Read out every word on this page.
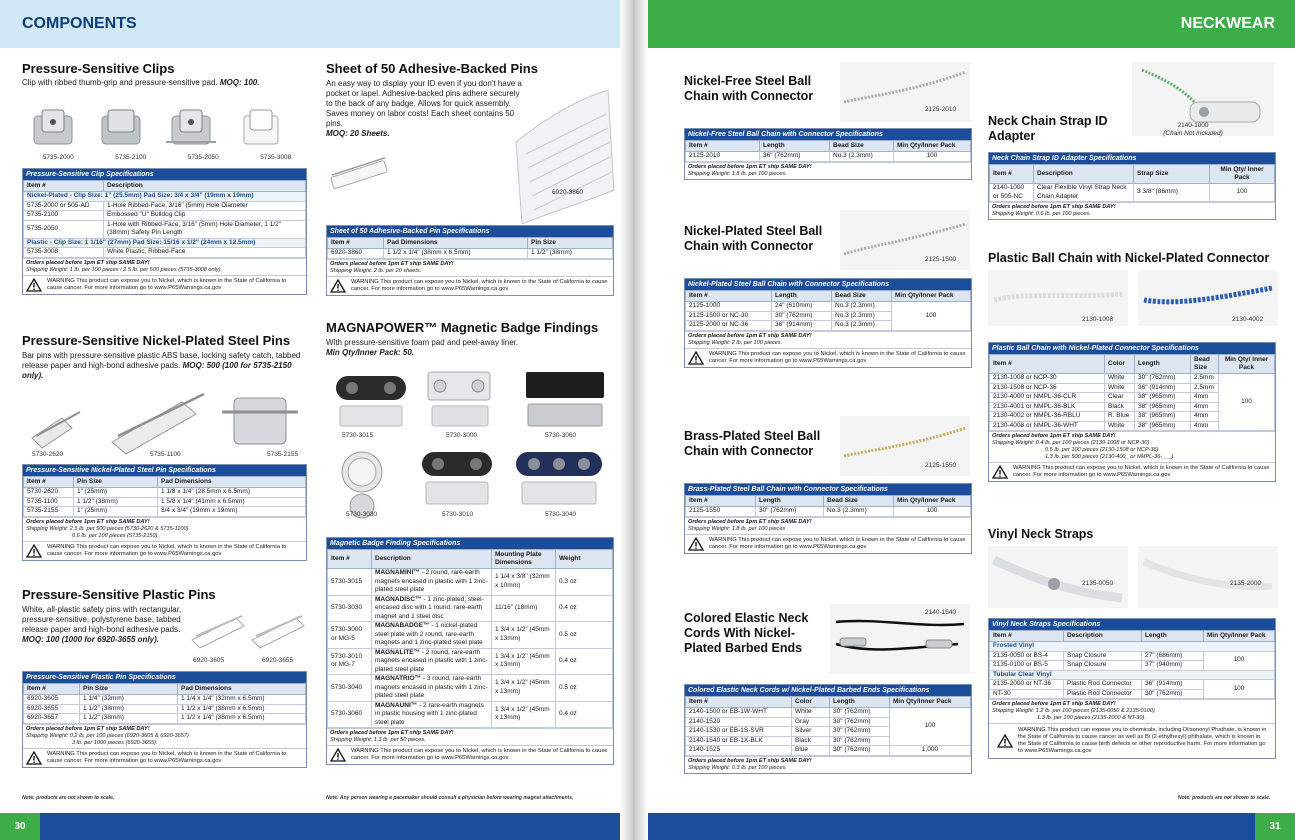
COMPONENTS	NECKWEAR
30	31
Note: products are not shown to scale.	Note: Any person wearing a pacemaker should consult a physician before wearing magnet attachments.	Note: products are not shown to scale.
Pressure-Sensitive Clips
Clip with ribbed thumb-grip and pressure-sensitive pad. MOQ: 100.
5735-2000	5735-2100	5735-2050	5735-3008
Pressure-Sensitive Clip Specifications
Item #	Description
Nickel-Plated - Clip Size: 1" (25.5mm) Pad Size: 3/4 x 3/4" (19mm x 19mm)	
5735-2000 or 505-AD	1-Hole Ribbed-Face, 3/16" (5mm) Hole Diameter
5735-2100	Embossed "U" Bulldog Clip
5735-2050	1-Hole with Ribbed-Face, 3/16" (5mm) Hole Diameter, 1 1/2" (38mm) Safety Pin Length
Plastic - Clip Size: 1 1/16" (27mm) Pad Size: 15/16 x 1/2" (24mm x 12.5mm)	
5735-3008	White Plastic, Ribbed-Face
Orders placed before 1pm ET ship SAME DAY!
Shipping Weight: 1 lb. per 100 pieces / 2.5 lb. per 500 pieces (5735-3008 only).
WARNING This product can expose you to Nickel, which is known in the State of California to cause cancer. For more information go to www.P65Warnings.ca.gov
Pressure-Sensitive Nickel-Plated Steel Pins
Bar pins with pressure-sensitive plastic ABS base, locking safety catch, tabbed release paper and high-bond adhesive pads. MOQ: 500 (100 for 5735-2150 only).
5730-2620	5735-1100	5735-2155
Pressure-Sensitive Nickel-Plated Steel Pin Specifications
Item #	Pin Size	Pad Dimensions
5730-2620	1" (25mm)	1 1/8 x 1/4" (28.5mm x 6.5mm)
5735-1100	1 1/2" (38mm)	1 5/8 x 1/4" (41mm x 6.5mm)
5735-2155	1" (25mm)	3/4 x 3/4" (19mm x 19mm)
Orders placed before 1pm ET ship SAME DAY!
Shipping Weight: 2.5 lb. per 500 pieces (5730-2620 & 5735-1100)
0.6 lb. per 100 pieces (5735-2150).
WARNING This product can expose you to Nickel, which is known in the State of California to cause cancer. For more information go to www.P65Warnings.ca.gov
Pressure-Sensitive Plastic Pins
White, all-plastic safety pins with rectangular, pressure-sensitive, polystyrene base, tabbed release paper and high-bond adhesive pads. MOQ: 100 (1000 for 6920-3655 only).
6920-3605	6920-3655
Pressure-Sensitive Plastic Pin Specifications
Item #	Pin Size	Pad Dimensions
6920-3605	1 1/4" (32mm)	1 1/4 x 1/4" (32mm x 6.5mm)
6920-3655	1 1/2" (38mm)	1 1/2 x 1/4" (38mm x 6.5mm)
6920-3657	1 1/2" (38mm)	1 1/2 x 1/4" (38mm x 6.5mm)
Orders placed before 1pm ET ship SAME DAY!
Shipping Weight: 0.2 lb. per 100 pieces (6920-3605 & 6920-3657)
3 lb. per 1000 pieces (6920-3655).
WARNING This product can expose you to Nickel, which is known in the State of California to cause cancer. For more information go to www.P65Warnings.ca.gov
Sheet of 50 Adhesive-Backed Pins
An easy way to display your ID even if you don't have a pocket or lapel. Adhesive-backed pins adhere securely to the back of any badge. Allows for quick assembly. Saves money on labor costs! Each sheet contains 50 pins.
MOQ: 20 Sheets.
6920-3860
Sheet of 50 Adhesive-Backed Pin Specifications
Item #	Pad Dimensions	Pin Size
6920-3860	1 1/2 x 1/4" (38mm x 6.5mm)	1 1/2" (38mm)
Orders placed before 1pm ET ship SAME DAY!
Shipping Weight: 2 lb. per 20 sheets.
WARNING This product can expose you to Nickel, which is known in the State of California to cause cancer. For more information go to www.P65Warnings.ca.gov
MAGNAPOWER™ Magnetic Badge Findings
With pressure-sensitive foam pad and peel-away liner.
Min Qty/Inner Pack: 50.
5730-3015	5730-3000	5730-3060
5730-3030	5730-3010	5730-3040
Magnetic Badge Finding Specifications
Item #	Description	Mounting Plate Dimensions	Weight
5730-3015	MAGNAMINI™ - 2 round, rare-earth magnets encased in plastic with 1 zinc-plated steel plate	1 1/4 x 3/8" (32mm x 10mm)	0.3 oz
5730-3030	MAGNADISC™ - 1 zinc-plated, steel-encased disc with 1 round, rare-earth magnet and 1 steel disc	11/16" (18mm)	0.4 oz
5730-3000 or MG-5	MAGNABADGE™ - 1 nickel-plated steel plate with 2 round, rare-earth magnets and 1 zinc-plated steel plate	1 3/4 x 1/2" (45mm x 13mm)	0.5 oz
5730-3010 or MG-7	MAGNALITE™ - 2 round, rare-earth magnets encased in plastic with 1 zinc-plated steel plate	1 3/4 x 1/2" (45mm x 13mm)	0.4 oz
5730-3040	MAGNATRIO™ - 3 round, rare-earth magnets encased in plastic with 1 zinc-plated steel plate	1 3/4 x 1/2" (45mm x 13mm)	0.5 oz
5730-3060	MAGNAUNI™ - 2 rare-earth magnets in plastic housing with 1 zinc-plated steel plate	1 3/4 x 1/2" (45mm x 13mm)	0.4 oz
Orders placed before 1pm ET ship SAME DAY!
Shipping Weight: 1.3 lb. per 50 pieces.
WARNING This product can expose you to Nickel, which is known in the State of California to cause cancer. For more information go to www.P65Warnings.ca.gov
Nickel-Free Steel Ball Chain with Connector
2125-2010
Nickel-Free Steel Ball Chain with Connector Specifications
Item #	Length	Bead Size	Min Qty/Inner Pack
2125-2010	36" (762mm)	No.3 (2.3mm)	100
Orders placed before 1pm ET ship SAME DAY!
Shipping Weight: 1.8 lb. per 100 pieces.
Nickel-Plated Steel Ball Chain with Connector
2125-1500
Nickel-Plated Steel Ball Chain with Connector Specifications
Item #	Length	Bead Size	Min Qty/Inner Pack
2125-1000	24" (610mm)	No.3 (2.3mm)	100
2125-1500 or NC-30	30" (762mm)	No.3 (2.3mm)	
2125-2000 or NC-36	36" (914mm)	No.3 (2.3mm)	
Orders placed before 1pm ET ship SAME DAY!
Shipping Weight: 2 lb. per 100 pieces.
WARNING This product can expose you to Nickel, which is known in the State of California to cause cancer. For more information go to www.P65Warnings.ca.gov
Brass-Plated Steel Ball Chain with Connector
2125-1550
Brass-Plated Steel Ball Chain with Connector Specifications
Item #	Length	Bead Size	Min Qty/Inner Pack
2125-1550	30" (762mm)	No.3 (2.3mm)	100
Orders placed before 1pm ET ship SAME DAY!
Shipping Weight: 1.8 lb. per 100 pieces
WARNING This product can expose you to Nickel, which is known in the State of California to cause cancer. For more information go to www.P65Warnings.ca.gov
Colored Elastic Neck Cords With Nickel-Plated Barbed Ends
2140-1540
Colored Elastic Neck Cords w/ Nickel-Plated Barbed Ends Specifications
Item #	Color	Length	Min Qty/Inner Pack
2140-1500 or EB-1W-WHT	White	30" (762mm)	100
2140-1520	Gray	30" (762mm)	
2140-1530 or EB-1S-SVR	Silver	30" (762mm)	
2140-1540 or EB-1X-BLK	Black	30" (762mm)	
2140-1525	Blue	30" (762mm)	1,000
Orders placed before 1pm ET ship SAME DAY!
Shipping Weight: 0.3 lb. per 100 pieces.
Neck Chain Strap ID Adapter
2140-1000
(Chain Not Included)
Neck Chain Strap ID Adapter Specifications
Item #	Description	Strap Size	Min Qty/ Inner Pack
2140-1000 or 505-NC	Clear Flexible Vinyl Strap Neck Chain Adapter	3 3/8" (86mm)	100
Orders placed before 1pm ET ship SAME DAY!
Shipping Weight: 0.6 lb. per 100 pieces.
Plastic Ball Chain with Nickel-Plated Connector
2130-1008	2130-4002
Plastic Ball Chain with Nickel-Plated Connector Specifications
Item #	Color	Length	Bead Size	Min Qty/ Inner Pack
2130-1008 or NCP-30	White	30" (762mm)	2.5mm	100
2130-1508 or NCP-36	White	36" (914mm)	2.5mm	
2130-4000 or NMPL-36-CLR	Clear	38" (965mm)	4mm	
2130-4001 or NMPL-36-BLK	Black	38" (965mm)	4mm	
2130-4002 or NMPL-36-RBLU	R. Blue	38" (965mm)	4mm	
2130-4008 or NMPL-36-WHT	White	38" (965mm)	4mm	
Orders placed before 1pm ET ship SAME DAY!
Shipping Weight: 0.4 lb. per 100 pieces (2130-1008 or NCP-30)
0.5 lb. per 100 pieces (2130-1508 or NCP-36)
1.3 lb. per 500 pieces (2130-400_ or NMPL-36-___).
WARNING This product can expose you to Nickel, which is known in the State of California to cause cancer. For more information go to www.P65Warnings.ca.gov
Vinyl Neck Straps
2135-0050	2135-2000
Vinyl Neck Straps Specifications
Item #	Description	Length	Min Qty/Inner Pack
Frosted Vinyl			
2135-0050 or BS-4	Snap Closure	27" (686mm)	100
2135-0100 or BS-5	Snap Closure	37" (940mm)	
Tubular Clear Vinyl			
2135-2000 or NT-36	Plastic Rod Connector	36" (914mm)	100
NT-30	Plastic Rod Connector	30" (762mm)	
Orders placed before 1pm ET ship SAME DAY!
Shipping Weight: 1.2 lb. per 100 pieces (2135-0050 & 2135-0100)
1.3 lb. per 100 pieces (2135-2000 & NT-30).
WARNING This product can expose you to chemicals, including Diisononyl Phathate, is known in the State of California to cause cancer as well as Bi (2-ethylhexyl) phthalate, which is known in the State of California to cause birth defects or other reproductive harm. For more information go to www.P65Warnings.ca.gov
